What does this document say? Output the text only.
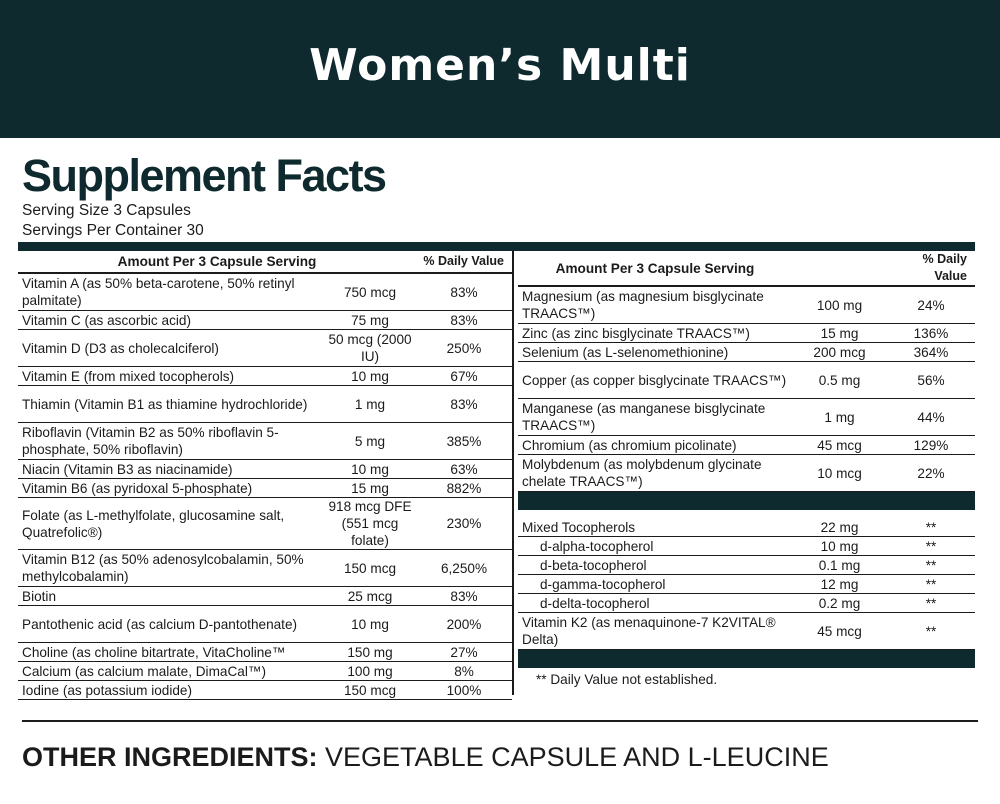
Women’s Multi
Supplement Facts
Serving Size 3 Capsules
Servings Per Container 30
Amount Per 3 Capsule Serving		% Daily Value
Vitamin A (as 50% beta-carotene, 50% retinyl palmitate)	750 mcg	83%
Vitamin C (as ascorbic acid)	75 mg	83%
Vitamin D (D3 as cholecalciferol)	50 mcg (2000 IU)	250%
Vitamin E (from mixed tocopherols)	10 mg	67%
Thiamin (Vitamin B1 as thiamine hydrochloride)	1 mg	83%
Riboflavin (Vitamin B2 as 50% riboflavin 5-phosphate, 50% riboflavin)	5 mg	385%
Niacin (Vitamin B3 as niacinamide)	10 mg	63%
Vitamin B6 (as pyridoxal 5-phosphate)	15 mg	882%
Folate (as L-methylfolate, glucosamine salt, Quatrefolic®)	918 mcg DFE (551 mcg folate)	230%
Vitamin B12 (as 50% adenosylcobalamin, 50% methylcobalamin)	150 mcg	6,250%
Biotin	25 mcg	83%
Pantothenic acid (as calcium D-pantothenate)	10 mg	200%
Choline (as choline bitartrate, VitaCholine™	150 mg	27%
Calcium (as calcium malate, DimaCal™)	100 mg	8%
Iodine (as potassium iodide)	150 mcg	100%
Amount Per 3 Capsule Serving		% Daily Value
Magnesium (as magnesium bisglycinate TRAACS™)	100 mg	24%
Zinc (as zinc bisglycinate TRAACS™)	15 mg	136%
Selenium (as L-selenomethionine)	200 mcg	364%
Copper (as copper bisglycinate TRAACS™)	0.5 mg	56%
Manganese (as manganese bisglycinate TRAACS™)	1 mg	44%
Chromium (as chromium picolinate)	45 mcg	129%
Molybdenum (as molybdenum glycinate chelate TRAACS™)	10 mcg	22%

Mixed Tocopherols	22 mg	**
d-alpha-tocopherol	10 mg	**
d-beta-tocopherol	0.1 mg	**
d-gamma-tocopherol	12 mg	**
d-delta-tocopherol	0.2 mg	**
Vitamin K2 (as menaquinone-7 K2VITAL® Delta)	45 mcg	**

** Daily Value not established.
OTHER INGREDIENTS: VEGETABLE CAPSULE AND L-LEUCINE
